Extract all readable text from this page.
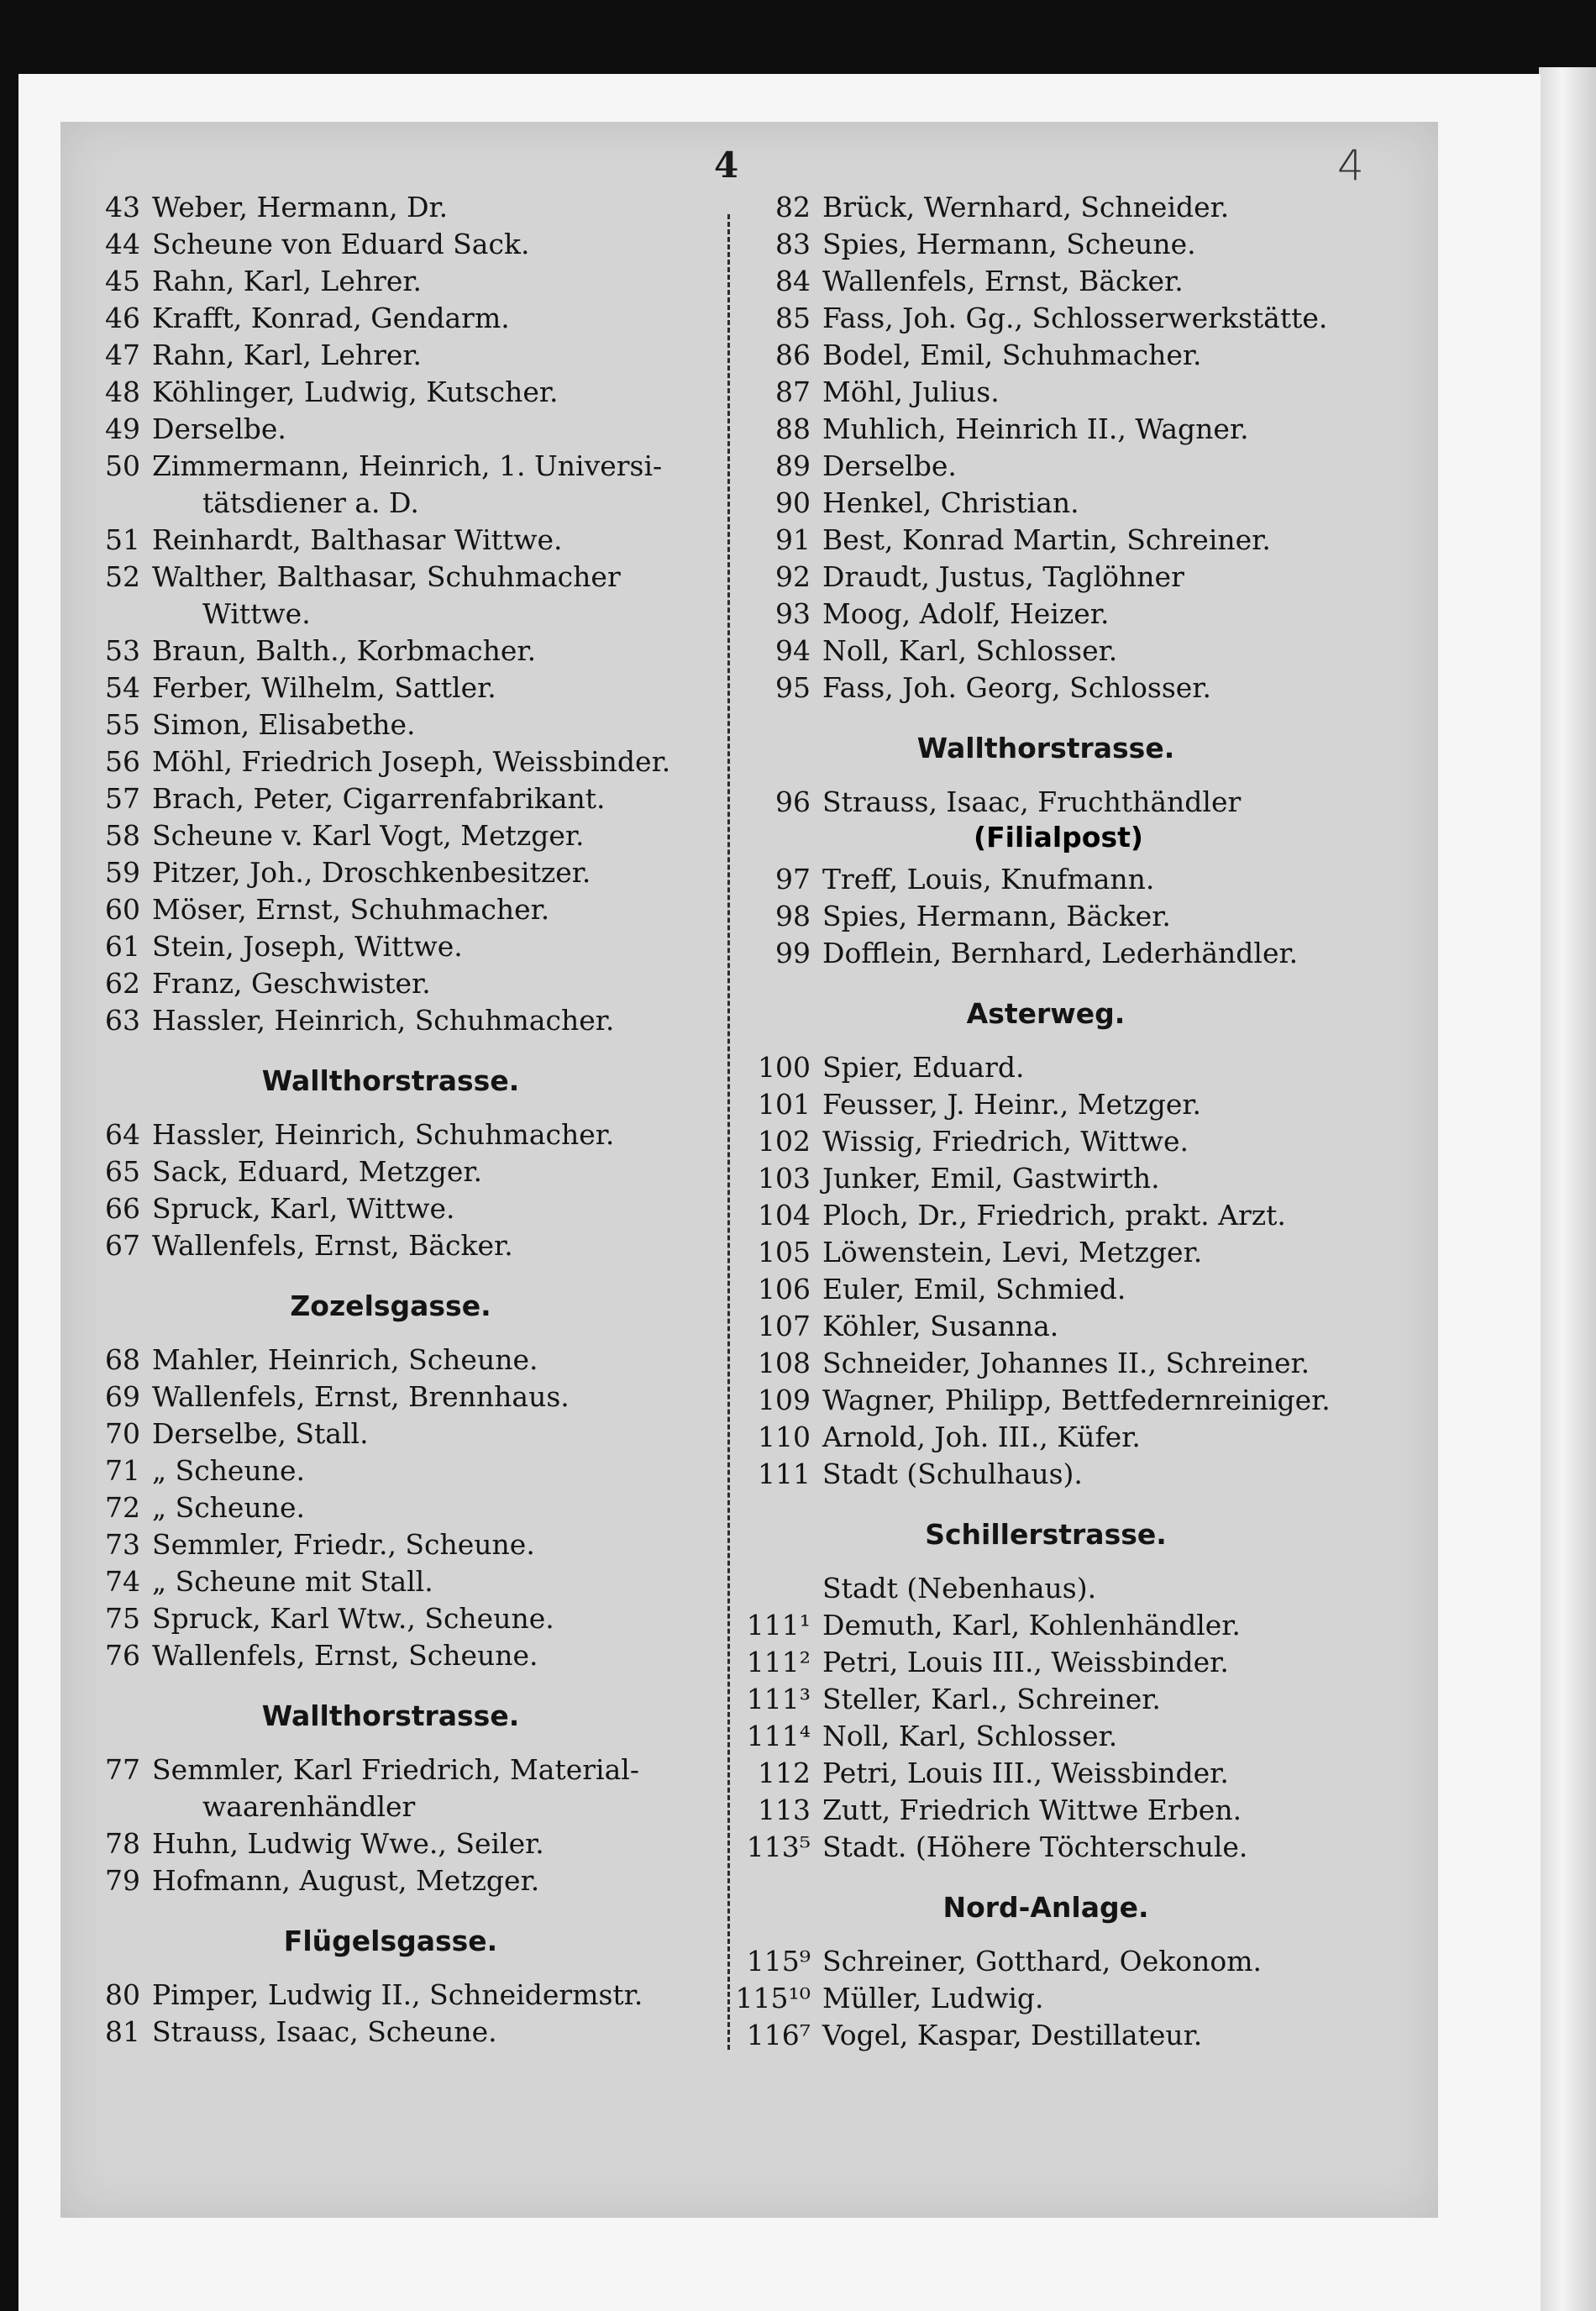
4	4
43 Weber, Hermann, Dr.
44 Scheune von Eduard Sack.
45 Rahn, Karl, Lehrer.
46 Krafft, Konrad, Gendarm.
47 Rahn, Karl, Lehrer.
48 Köhlinger, Ludwig, Kutscher.
49 Derselbe.
50 Zimmermann, Heinrich, 1. Universi-
tätsdiener a. D.
51 Reinhardt, Balthasar Wittwe.
52 Walther, Balthasar, Schuhmacher
Wittwe.
53 Braun, Balth., Korbmacher.
54 Ferber, Wilhelm, Sattler.
55 Simon, Elisabethe.
56 Möhl, Friedrich Joseph, Weissbinder.
57 Brach, Peter, Cigarrenfabrikant.
58 Scheune v. Karl Vogt, Metzger.
59 Pitzer, Joh., Droschkenbesitzer.
60 Möser, Ernst, Schuhmacher.
61 Stein, Joseph, Wittwe.
62 Franz, Geschwister.
63 Hassler, Heinrich, Schuhmacher.
Wallthorstrasse.
64 Hassler, Heinrich, Schuhmacher.
65 Sack, Eduard, Metzger.
66 Spruck, Karl, Wittwe.
67 Wallenfels, Ernst, Bäcker.
Zozelsgasse.
68 Mahler, Heinrich, Scheune.
69 Wallenfels, Ernst, Brennhaus.
70 Derselbe, Stall.
71 „ Scheune.
72 „ Scheune.
73 Semmler, Friedr., Scheune.
74 „ Scheune mit Stall.
75 Spruck, Karl Wtw., Scheune.
76 Wallenfels, Ernst, Scheune.
Wallthorstrasse.
77 Semmler, Karl Friedrich, Material-
waarenhändler
78 Huhn, Ludwig Wwe., Seiler.
79 Hofmann, August, Metzger.
Flügelsgasse.
80 Pimper, Ludwig II., Schneidermstr.
81 Strauss, Isaac, Scheune.
82 Brück, Wernhard, Schneider.
83 Spies, Hermann, Scheune.
84 Wallenfels, Ernst, Bäcker.
85 Fass, Joh. Gg., Schlosserwerkstätte.
86 Bodel, Emil, Schuhmacher.
87 Möhl, Julius.
88 Muhlich, Heinrich II., Wagner.
89 Derselbe.
90 Henkel, Christian.
91 Best, Konrad Martin, Schreiner.
92 Draudt, Justus, Taglöhner
93 Moog, Adolf, Heizer.
94 Noll, Karl, Schlosser.
95 Fass, Joh. Georg, Schlosser.
Wallthorstrasse.
96 Strauss, Isaac, Fruchthändler
(Filialpost)
97 Treff, Louis, Knufmann.
98 Spies, Hermann, Bäcker.
99 Dofflein, Bernhard, Lederhändler.
Asterweg.
100 Spier, Eduard.
101 Feusser, J. Heinr., Metzger.
102 Wissig, Friedrich, Wittwe.
103 Junker, Emil, Gastwirth.
104 Ploch, Dr., Friedrich, prakt. Arzt.
105 Löwenstein, Levi, Metzger.
106 Euler, Emil, Schmied.
107 Köhler, Susanna.
108 Schneider, Johannes II., Schreiner.
109 Wagner, Philipp, Bettfedernreiniger.
110 Arnold, Joh. III., Küfer.
111 Stadt (Schulhaus).
Schillerstrasse.
Stadt (Nebenhaus).
111¹ Demuth, Karl, Kohlenhändler.
111² Petri, Louis III., Weissbinder.
111³ Steller, Karl., Schreiner.
111⁴ Noll, Karl, Schlosser.
112 Petri, Louis III., Weissbinder.
113 Zutt, Friedrich Wittwe Erben.
113⁵ Stadt. (Höhere Töchterschule.
Nord-Anlage.
115⁹ Schreiner, Gotthard, Oekonom.
115¹⁰ Müller, Ludwig.
116⁷ Vogel, Kaspar, Destillateur.
